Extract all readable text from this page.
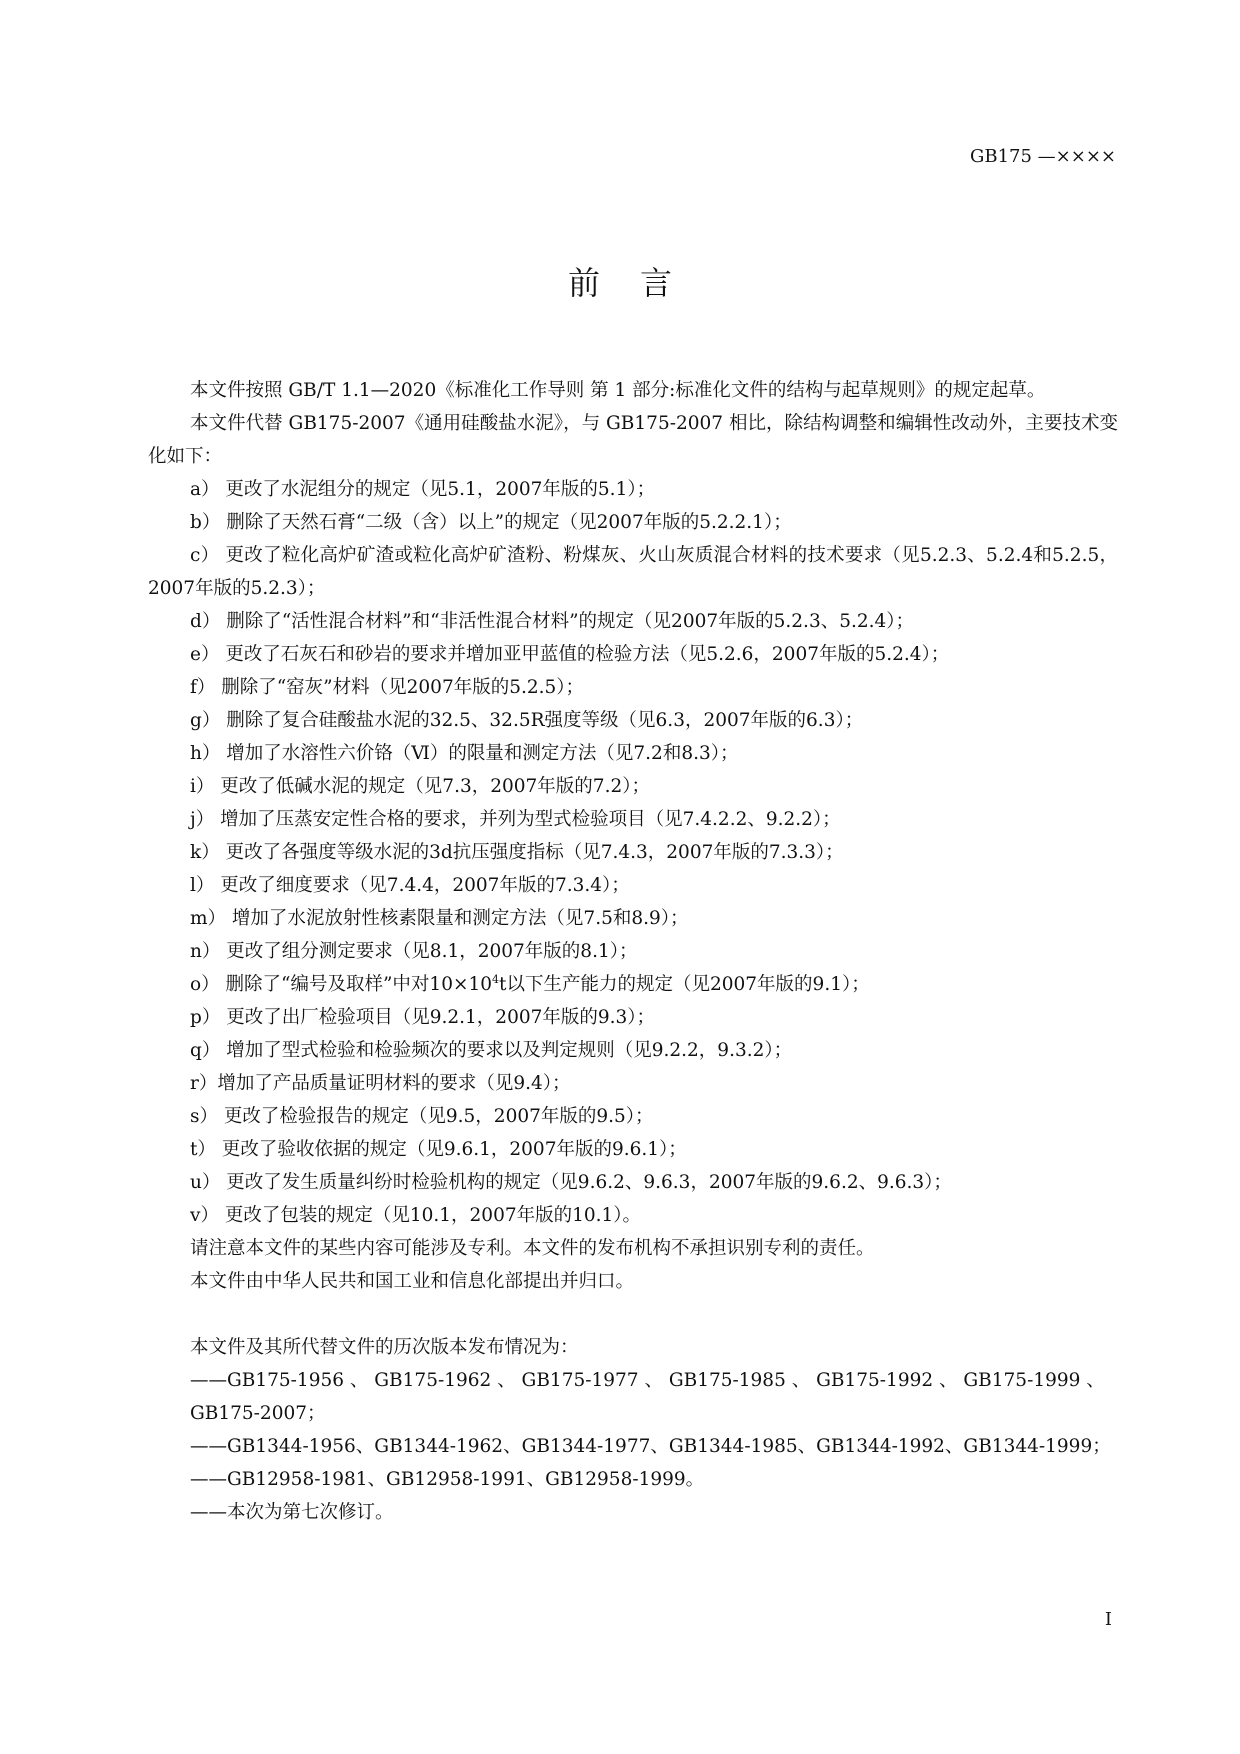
GB175 —××××
前 言

本文件按照 GB/T 1.1—2020《标准化工作导则 第 1 部分:标准化文件的结构与起草规则》的规定起草。

本文件代替 GB175-2007《通用硅酸盐水泥》，与 GB175-2007 相比，除结构调整和编辑性改动外，主要技术变化如下：

a） 更改了水泥组分的规定（见5.1，2007年版的5.1）；

b） 删除了天然石膏“二级（含）以上”的规定（见2007年版的5.2.2.1）；

c） 更改了粒化高炉矿渣或粒化高炉矿渣粉、粉煤灰、火山灰质混合材料的技术要求（见5.2.3、5.2.4和5.2.5，2007年版的5.2.3）；

d） 删除了“活性混合材料”和“非活性混合材料”的规定（见2007年版的5.2.3、5.2.4）；

e） 更改了石灰石和砂岩的要求并增加亚甲蓝值的检验方法（见5.2.6，2007年版的5.2.4）；

f） 删除了“窑灰”材料（见2007年版的5.2.5）；

g） 删除了复合硅酸盐水泥的32.5、32.5R强度等级（见6.3，2007年版的6.3）；

h） 增加了水溶性六价铬（Ⅵ）的限量和测定方法（见7.2和8.3）；

i） 更改了低碱水泥的规定（见7.3，2007年版的7.2）；

j） 增加了压蒸安定性合格的要求，并列为型式检验项目（见7.4.2.2、9.2.2）；

k） 更改了各强度等级水泥的3d抗压强度指标（见7.4.3，2007年版的7.3.3）；

l） 更改了细度要求（见7.4.4，2007年版的7.3.4）；

m） 增加了水泥放射性核素限量和测定方法（见7.5和8.9）；

n） 更改了组分测定要求（见8.1，2007年版的8.1）；

o） 删除了“编号及取样”中对$10\times 10^4t$以下生产能力的规定（见2007年版的9.1）；

p） 更改了出厂检验项目（见9.2.1，2007年版的9.3）；

q） 增加了型式检验和检验频次的要求以及判定规则（见9.2.2，9.3.2）；

r）增加了产品质量证明材料的要求（见9.4）；

s） 更改了检验报告的规定（见9.5，2007年版的9.5）；

t） 更改了验收依据的规定（见9.6.1，2007年版的9.6.1）；

u） 更改了发生质量纠纷时检验机构的规定（见9.6.2、9.6.3，2007年版的9.6.2、9.6.3）；

v） 更改了包装的规定（见10.1，2007年版的10.1）。

请注意本文件的某些内容可能涉及专利。本文件的发布机构不承担识别专利的责任。

本文件由中华人民共和国工业和信息化部提出并归口。

本文件及其所代替文件的历次版本发布情况为：

——GB175-1956 、 GB175-1962 、 GB175-1977 、 GB175-1985 、 GB175-1992 、 GB175-1999 、GB175-2007；

——GB1344-1956、GB1344-1962、GB1344-1977、GB1344-1985、GB1344-1992、GB1344-1999；

——GB12958-1981、GB12958-1991、GB12958-1999。

——本次为第七次修订。

I
